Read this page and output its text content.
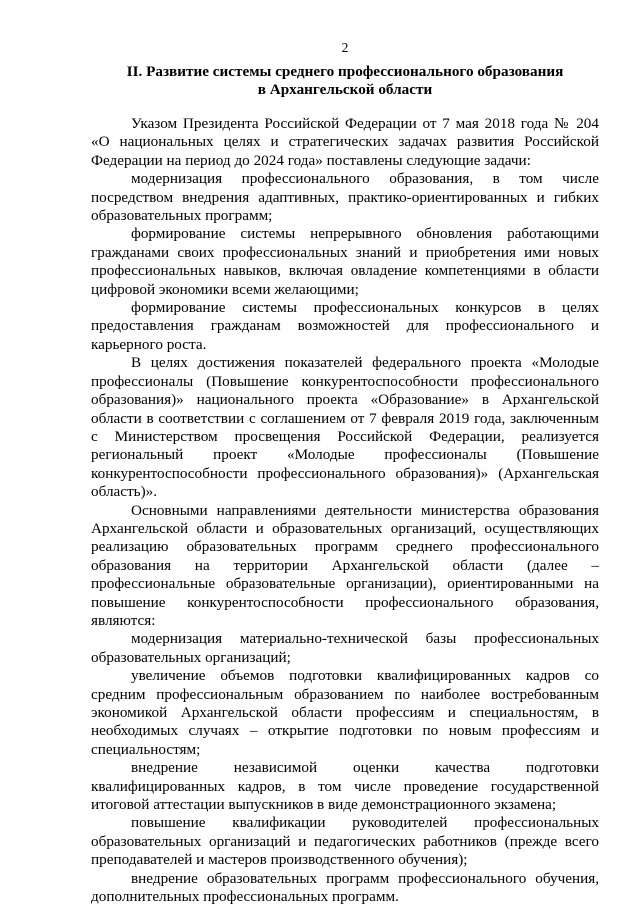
2
II. Развитие системы среднего профессионального образования
в Архангельской области

Указом Президента Российской Федерации от 7 мая 2018 года № 204 «О национальных целях и стратегических задачах развития Российской Федерации на период до 2024 года» поставлены следующие задачи:

модернизация профессионального образования, в том числе посредством внедрения адаптивных, практико-ориентированных и гибких образовательных программ;

формирование системы непрерывного обновления работающими гражданами своих профессиональных знаний и приобретения ими новых профессиональных навыков, включая овладение компетенциями в области цифровой экономики всеми желающими;

формирование системы профессиональных конкурсов в целях предоставления гражданам возможностей для профессионального и карьерного роста.

В целях достижения показателей федерального проекта «Молодые профессионалы (Повышение конкурентоспособности профессионального образования)» национального проекта «Образование» в Архангельской области в соответствии с соглашением от 7 февраля 2019 года, заключенным с Министерством просвещения Российской Федерации, реализуется региональный проект «Молодые профессионалы (Повышение конкурентоспособности профессионального образования)» (Архангельская область)».

Основными направлениями деятельности министерства образования Архангельской области и образовательных организаций, осуществляющих реализацию образовательных программ среднего профессионального образования на территории Архангельской области (далее – профессиональные образовательные организации), ориентированными на повышение конкурентоспособности профессионального образования, являются:

модернизация материально-технической базы профессиональных образовательных организаций;

увеличение объемов подготовки квалифицированных кадров со средним профессиональным образованием по наиболее востребованным экономикой Архангельской области профессиям и специальностям, в необходимых случаях – открытие подготовки по новым профессиям и специальностям;

внедрение независимой оценки качества подготовки квалифицированных кадров, в том числе проведение государственной итоговой аттестации выпускников в виде демонстрационного экзамена;

повышение квалификации руководителей профессиональных образовательных организаций и педагогических работников (прежде всего преподавателей и мастеров производственного обучения);

внедрение образовательных программ профессионального обучения, дополнительных профессиональных программ.
